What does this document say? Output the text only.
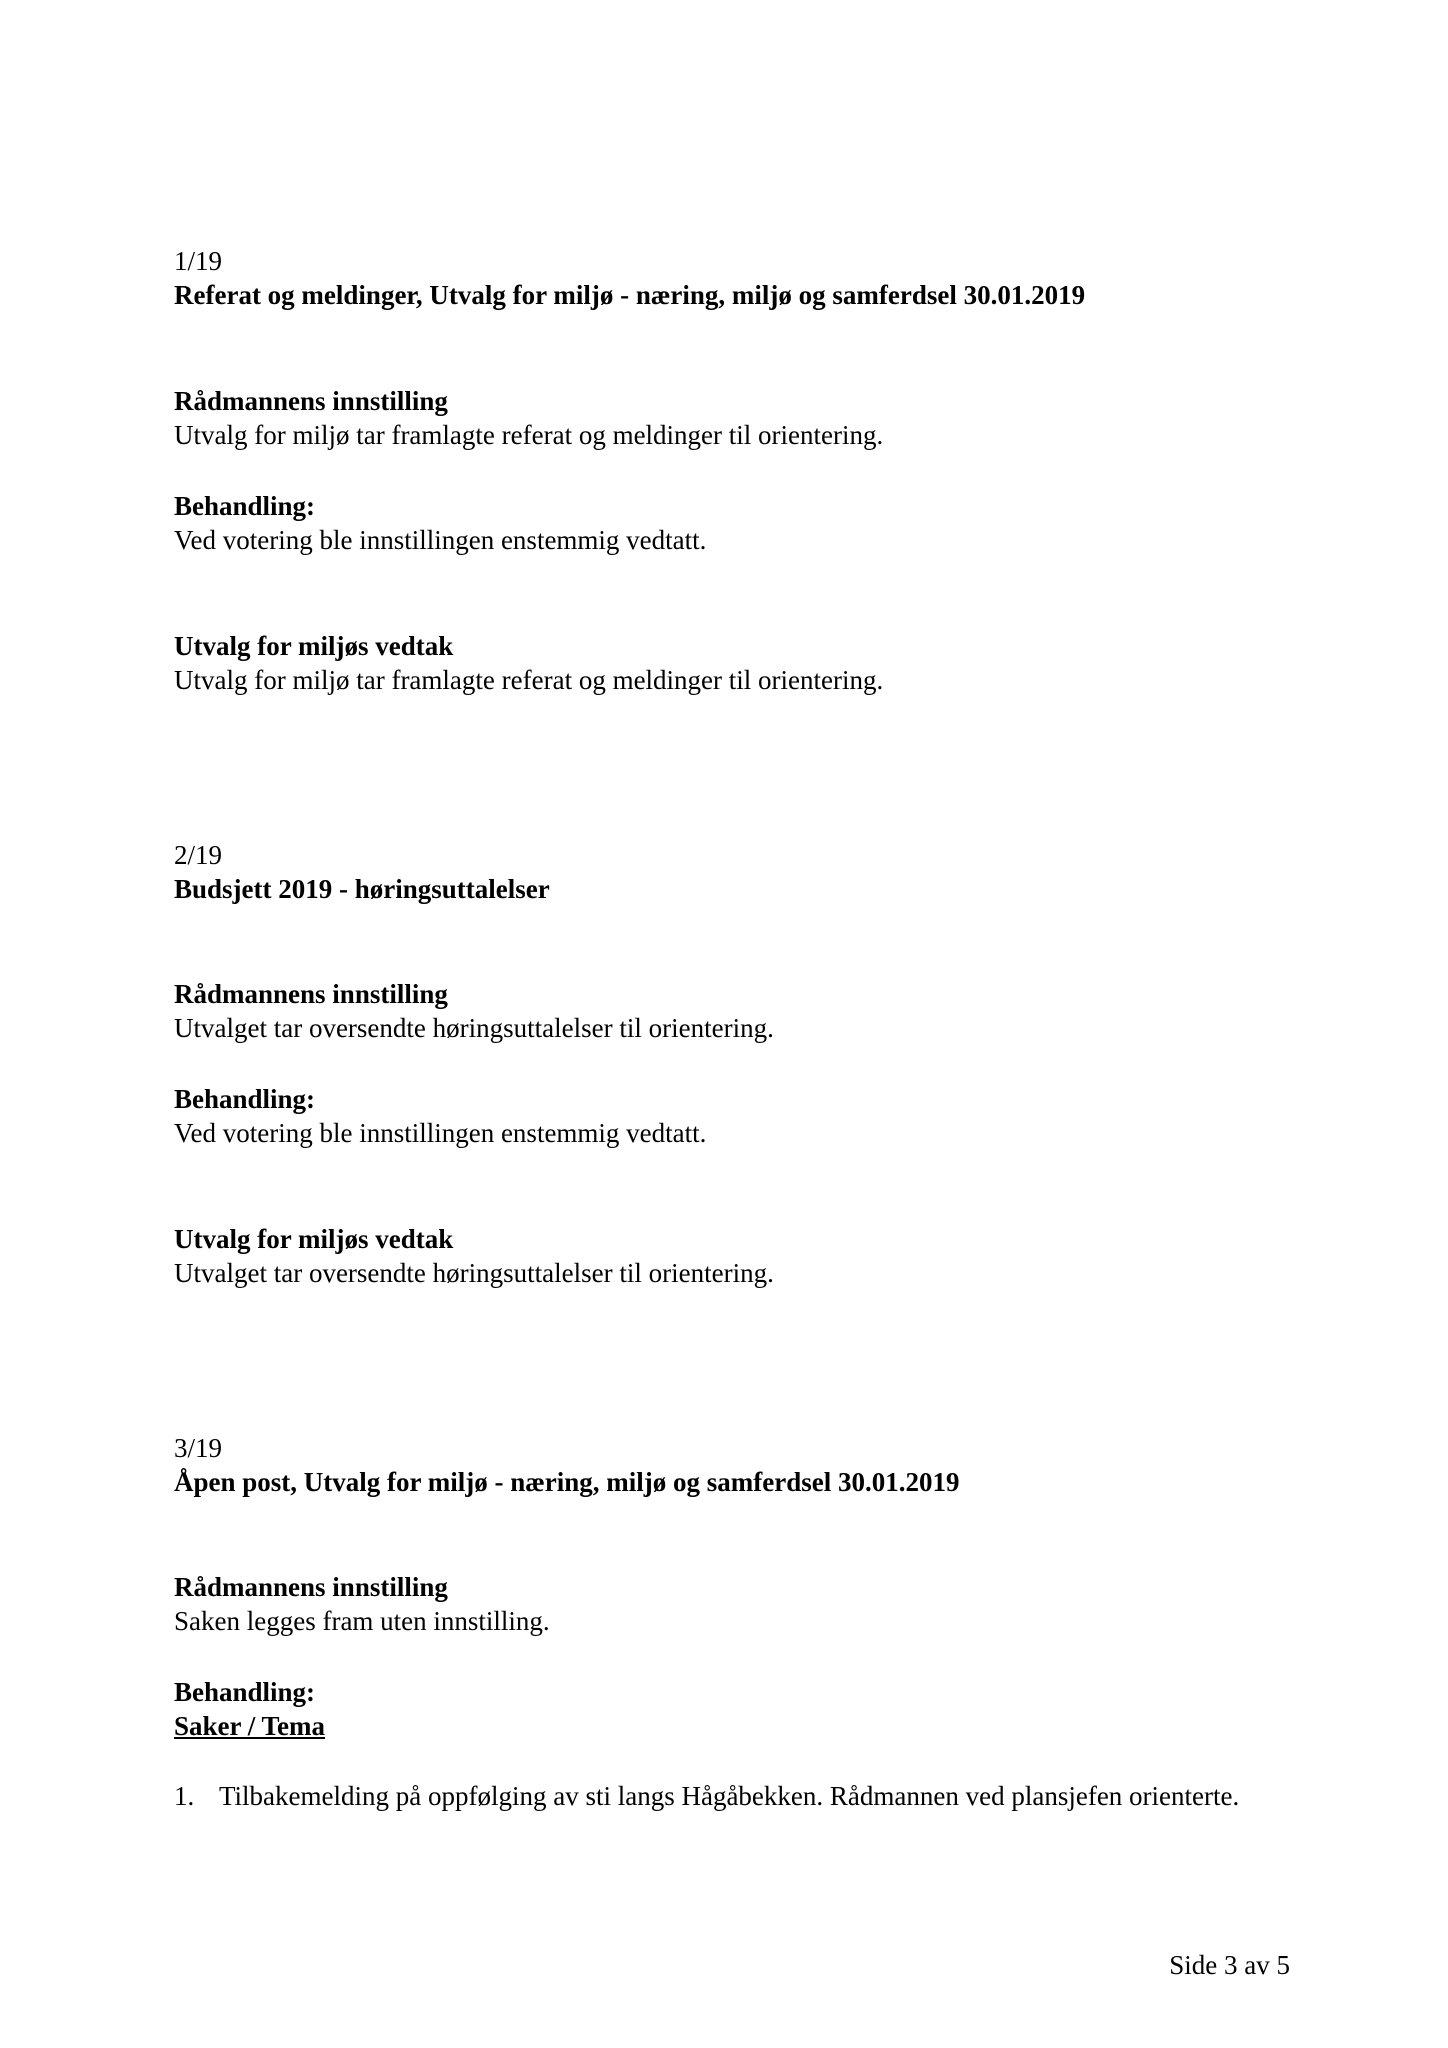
1/19
Referat og meldinger, Utvalg for miljø - næring, miljø og samferdsel 30.01.2019
Rådmannens innstilling
Utvalg for miljø tar framlagte referat og meldinger til orientering.
Behandling:
Ved votering ble innstillingen enstemmig vedtatt.
Utvalg for miljøs vedtak
Utvalg for miljø tar framlagte referat og meldinger til orientering.
2/19
Budsjett 2019 - høringsuttalelser
Rådmannens innstilling
Utvalget tar oversendte høringsuttalelser til orientering.
Behandling:
Ved votering ble innstillingen enstemmig vedtatt.
Utvalg for miljøs vedtak
Utvalget tar oversendte høringsuttalelser til orientering.
3/19
Åpen post, Utvalg for miljø - næring, miljø og samferdsel 30.01.2019
Rådmannens innstilling
Saken legges fram uten innstilling.
Behandling:
Saker / Tema
1. Tilbakemelding på oppfølging av sti langs Hågåbekken. Rådmannen ved plansjefen orienterte.
Side 3 av 5
